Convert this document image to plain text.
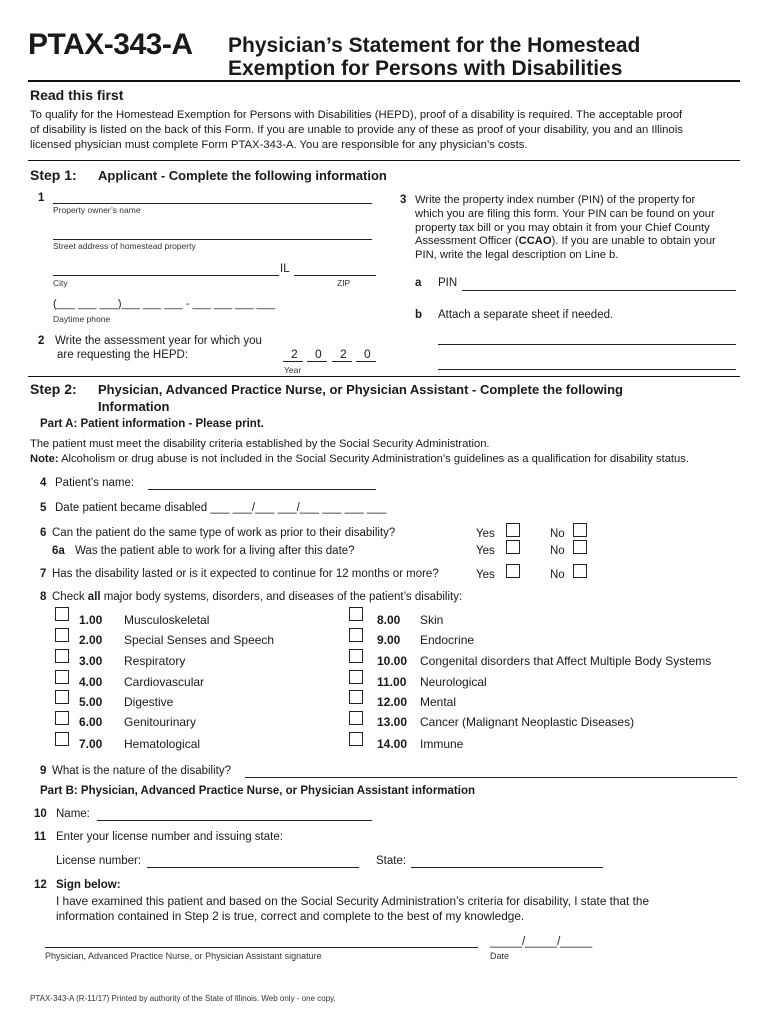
PTAX-343-A Physician’s Statement for the Homestead
Exemption for Persons with Disabilities
Read this first
To qualify for the Homestead Exemption for Persons with Disabilities (HEPD), proof of a disability is required. The acceptable proof
of disability is listed on the back of this Form. If you are unable to provide any of these as proof of your disability, you and an Illinois
licensed physician must complete Form PTAX-343-A. You are responsible for any physician’s costs.
Step 1: Applicant - Complete the following information
1
Property owner’s name
Street address of homestead property
IL
City	ZIP
(___ ___ ___)___ ___ ___ - ___ ___ ___ ___
Daytime phone
2 Write the assessment year for which you
are requesting the HEPD:	2 0 2 0
Year
3 Write the property index number (PIN) of the property for
which you are filing this form. Your PIN can be found on your
property tax bill or you may obtain it from your Chief County
Assessment Officer (CCAO). If you are unable to obtain your
PIN, write the legal description on Line b.
a PIN
b Attach a separate sheet if needed.
Step 2: Physician, Advanced Practice Nurse, or Physician Assistant - Complete the following
Information
Part A: Patient information - Please print.
The patient must meet the disability criteria established by the Social Security Administration.
Note: Alcoholism or drug abuse is not included in the Social Security Administration’s guidelines as a qualification for disability status.
4 Patient’s name:
5 Date patient became disabled ___ ___/___ ___/___ ___ ___ ___
6 Can the patient do the same type of work as prior to their disability?	Yes	No
6a Was the patient able to work for a living after this date?	Yes	No
7 Has the disability lasted or is it expected to continue for 12 months or more?	Yes	No
8 Check all major body systems, disorders, and diseases of the patient’s disability:
1.00 Musculoskeletal
2.00 Special Senses and Speech
3.00 Respiratory
4.00 Cardiovascular
5.00 Digestive
6.00 Genitourinary
7.00 Hematological
8.00 Skin
9.00 Endocrine
10.00 Congenital disorders that Affect Multiple Body Systems
11.00 Neurological
12.00 Mental
13.00 Cancer (Malignant Neoplastic Diseases)
14.00 Immune
9 What is the nature of the disability?
Part B: Physician, Advanced Practice Nurse, or Physician Assistant information
10 Name:
11 Enter your license number and issuing state:
License number:	State:
12 Sign below:
I have examined this patient and based on the Social Security Administration’s criteria for disability, I state that the
information contained in Step 2 is true, correct and complete to the best of my knowledge.
_____/_____/_____
Physician, Advanced Practice Nurse, or Physician Assistant signature	Date
PTAX-343-A (R-11/17) Printed by authority of the State of Illinois. Web only - one copy.
